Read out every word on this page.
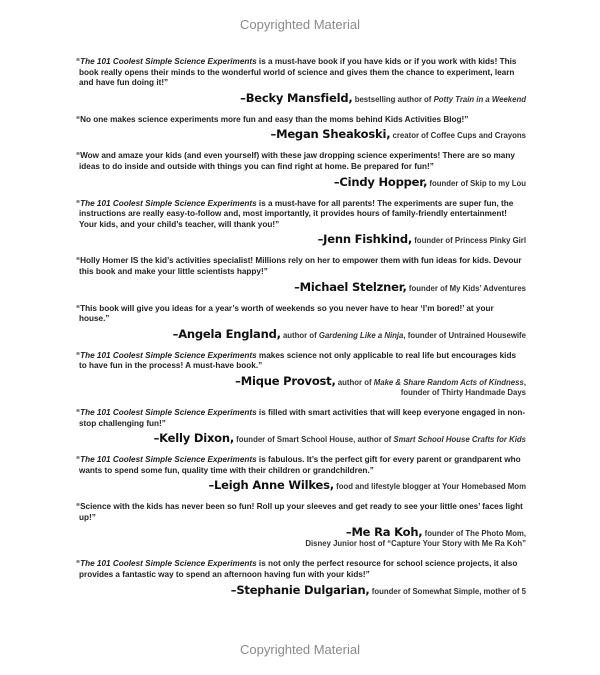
Copyrighted Material
“The 101 Coolest Simple Science Experiments is a must-have book if you have kids or if you work with kids! This book really opens their minds to the wonderful world of science and gives them the chance to experiment, learn and have fun doing it!”
–Becky Mansfield, bestselling author of Potty Train in a Weekend
“No one makes science experiments more fun and easy than the moms behind Kids Activities Blog!”
–Megan Sheakoski, creator of Coffee Cups and Crayons
“Wow and amaze your kids (and even yourself) with these jaw dropping science experiments! There are so many ideas to do inside and outside with things you can find right at home. Be prepared for fun!”
–Cindy Hopper, founder of Skip to my Lou
“The 101 Coolest Simple Science Experiments is a must-have for all parents! The experiments are super fun, the instructions are really easy-to-follow and, most importantly, it provides hours of family-friendly entertainment! Your kids, and your child’s teacher, will thank you!”
–Jenn Fishkind, founder of Princess Pinky Girl
“Holly Homer IS the kid’s activities specialist! Millions rely on her to empower them with fun ideas for kids. Devour this book and make your little scientists happy!”
–Michael Stelzner, founder of My Kids’ Adventures
“This book will give you ideas for a year’s worth of weekends so you never have to hear ‘I’m bored!’ at your house.”
–Angela England, author of Gardening Like a Ninja, founder of Untrained Housewife
“The 101 Coolest Simple Science Experiments makes science not only applicable to real life but encourages kids to have fun in the process! A must-have book.”
–Mique Provost, author of Make & Share Random Acts of Kindness,
founder of Thirty Handmade Days
“The 101 Coolest Simple Science Experiments is filled with smart activities that will keep everyone engaged in non-stop challenging fun!”
–Kelly Dixon, founder of Smart School House, author of Smart School House Crafts for Kids
“The 101 Coolest Simple Science Experiments is fabulous. It’s the perfect gift for every parent or grandparent who wants to spend some fun, quality time with their children or grandchildren.”
–Leigh Anne Wilkes, food and lifestyle blogger at Your Homebased Mom
“Science with the kids has never been so fun! Roll up your sleeves and get ready to see your little ones’ faces light up!”
–Me Ra Koh, founder of The Photo Mom,
Disney Junior host of “Capture Your Story with Me Ra Koh”
“The 101 Coolest Simple Science Experiments is not only the perfect resource for school science projects, it also provides a fantastic way to spend an afternoon having fun with your kids!”
–Stephanie Dulgarian, founder of Somewhat Simple, mother of 5
Copyrighted Material
